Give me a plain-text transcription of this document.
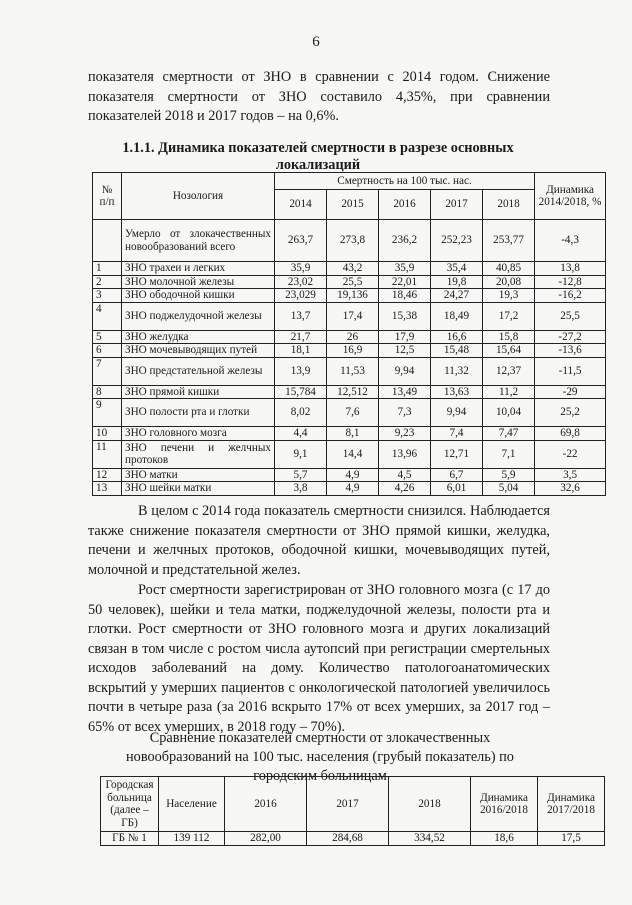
6
показателя смертности от ЗНО в сравнении с 2014 годом. Снижение показателя смертности от ЗНО составило 4,35%, при сравнении показателей 2018 и 2017 годов – на 0,6%.
1.1.1. Динамика показателей смертности в разрезе основных локализаций
№ п/п	Нозология	Смертность на 100 тыс. нас.					Динамика 2014/2018, %
		2014	2015	2016	2017	2018	
	Умерло от злокачественных новообразований всего	263,7	273,8	236,2	252,23	253,77	-4,3
1	ЗНО трахеи и легких	35,9	43,2	35,9	35,4	40,85	13,8
2	ЗНО молочной железы	23,02	25,5	22,01	19,8	20,08	-12,8
3	ЗНО ободочной кишки	23,029	19,136	18,46	24,27	19,3	-16,2
4	ЗНО поджелудочной железы	13,7	17,4	15,38	18,49	17,2	25,5
5	ЗНО желудка	21,7	26	17,9	16,6	15,8	-27,2
6	ЗНО мочевыводящих путей	18,1	16,9	12,5	15,48	15,64	-13,6
7	ЗНО предстательной железы	13,9	11,53	9,94	11,32	12,37	-11,5
8	ЗНО прямой кишки	15,784	12,512	13,49	13,63	11,2	-29
9	ЗНО полости рта и глотки	8,02	7,6	7,3	9,94	10,04	25,2
10	ЗНО головного мозга	4,4	8,1	9,23	7,4	7,47	69,8
11	ЗНО печени и желчных протоков	9,1	14,4	13,96	12,71	7,1	-22
12	ЗНО матки	5,7	4,9	4,5	6,7	5,9	3,5
13	ЗНО шейки матки	3,8	4,9	4,26	6,01	5,04	32,6
В целом с 2014 года показатель смертности снизился. Наблюдается также снижение показателя смертности от ЗНО прямой кишки, желудка, печени и желчных протоков, ободочной кишки, мочевыводящих путей, молочной и предстательной желез.
Рост смертности зарегистрирован от ЗНО головного мозга (с 17 до 50 человек), шейки и тела матки, поджелудочной железы, полости рта и глотки. Рост смертности от ЗНО головного мозга и других локализаций связан в том числе с ростом числа аутопсий при регистрации смертельных исходов заболеваний на дому. Количество патологоанатомических вскрытий у умерших пациентов с онкологической патологией увеличилось почти в четыре раза (за 2016 вскрыто 17% от всех умерших, за 2017 год – 65% от всех умерших, в 2018 году – 70%).
Сравнение показателей смертности от злокачественных новообразований на 100 тыс. населения (грубый показатель) по городским больницам
Городская больница (далее – ГБ)	Население	2016	2017	2018	Динамика 2016/2018	Динамика 2017/2018
ГБ № 1	139 112	282,00	284,68	334,52	18,6	17,5
